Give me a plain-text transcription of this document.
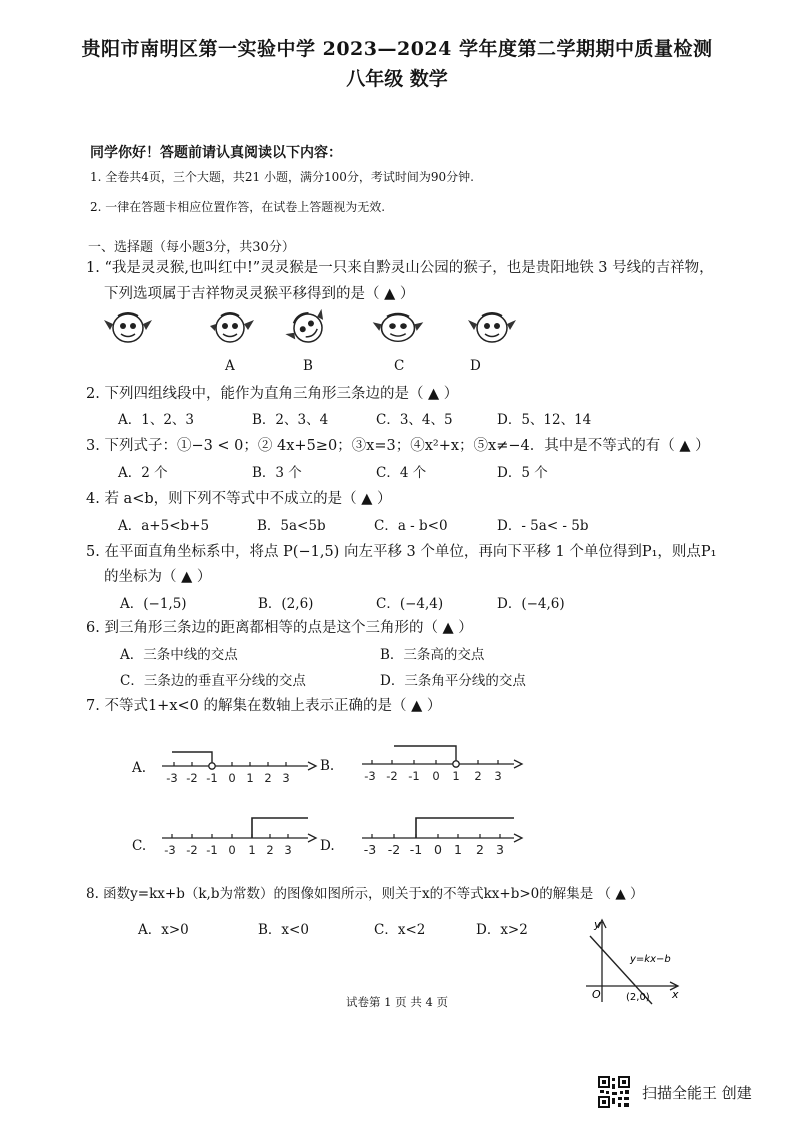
贵阳市南明区第一实验中学 2023—2024 学年度第二学期期中质量检测
八年级 数学
同学你好！答题前请认真阅读以下内容：
1. 全卷共4页，三个大题，共21 小题，满分100分，考试时间为90分钟.
2. 一律在答题卡相应位置作答，在试卷上答题视为无效.
一、选择题（每小题3分，共30分）
1. “我是灵灵猴,也叫红中!”灵灵猴是一只来自黔灵山公园的猴子，也是贵阳地铁 3 号线的吉祥物，
下列选项属于吉祥物灵灵猴平移得到的是（ ▲ ）
A	B	C	D
2. 下列四组线段中，能作为直角三角形三条边的是（ ▲ ）
A．1、2、3	B．2、3、4	C．3、4、5	D．5、12、14
3. 下列式子：①−3 < 0；② 4x+5≥0；③x=3；④x²+x；⑤x≠−4．其中是不等式的有（ ▲ ）
A．2 个	B．3 个	C．4 个	D．5 个
4. 若 a<b，则下列不等式中不成立的是（ ▲ ）
A．a+5<b+5	B．5a<5b	C．a - b<0	D．- 5a< - 5b
5. 在平面直角坐标系中，将点 P(−1,5) 向左平移 3 个单位，再向下平移 1 个单位得到P₁，则点P₁
的坐标为（ ▲ ）
A．(−1,5)	B．(2,6)	C．(−4,4)	D．(−4,6)
6. 到三角形三条边的距离都相等的点是这个三角形的（ ▲ ）
A．三条中线的交点	B．三条高的交点
C．三条边的垂直平分线的交点	D．三条角平分线的交点
7. 不等式1+x<0 的解集在数轴上表示正确的是（ ▲ ）
A.	B.
C.	D.
-3 -2 -1 0 1 2 3	-3 -2 -1 0 1 2 3
-3 -2 -1 0 1 2 3	-3 -2 -1 0 1 2 3
8. 函数y=kx+b（k,b为常数）的图像如图所示，则关于x的不等式kx+b>0的解集是 （ ▲ ）
A．x>0	B．x<0	C．x<2	D．x>2	y
x
O
y=kx−b
(2,0)
试卷第 1 页 共 4 页
扫描全能王 创建
